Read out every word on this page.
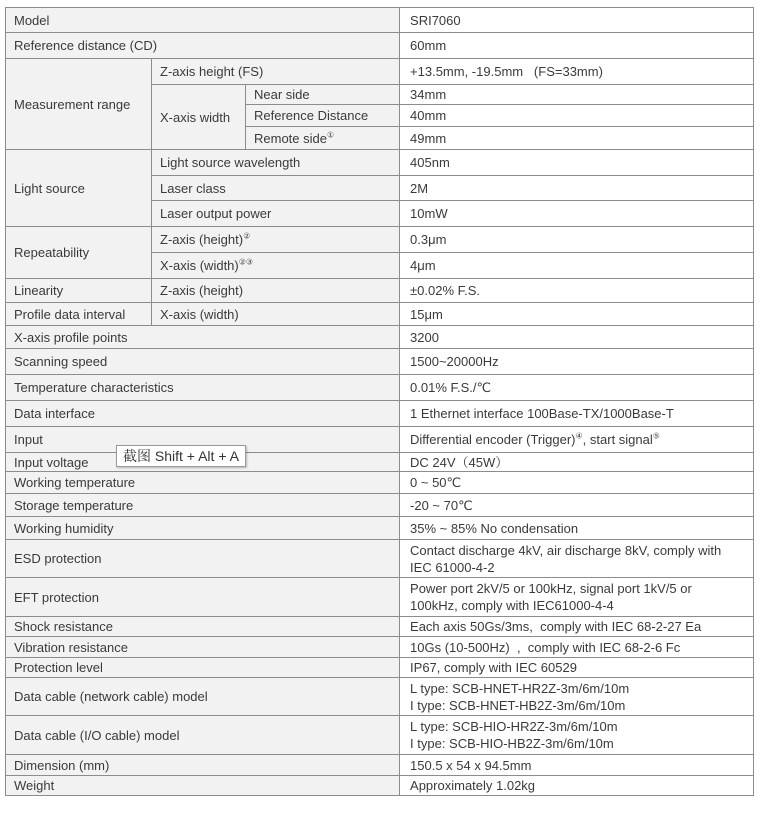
Model			SRI7060
Reference distance (CD)			60mm
Measurement range	Z-axis height (FS)		+13.5mm, -19.5mm   (FS=33mm)
	X-axis width	Near side	34mm
		Reference Distance	40mm
		Remote side①	49mm
Light source	Light source wavelength		405nm
	Laser class		2M
	Laser output power		10mW
Repeatability	Z-axis (height)②		0.3μm
	X-axis (width)②③		4μm
Linearity	Z-axis (height)		±0.02% F.S.
Profile data interval	X-axis (width)		15μm
X-axis profile points			3200
Scanning speed			1500~20000Hz
Temperature characteristics			0.01% F.S./℃
Data interface			1 Ethernet interface 100Base-TX/1000Base-T
Input			Differential encoder (Trigger)④, start signal⑤
Input voltage			DC 24V（45W）
Working temperature			0 ~ 50℃
Storage temperature			-20 ~ 70℃
Working humidity			35% ~ 85% No condensation
ESD protection			Contact discharge 4kV, air discharge 8kV, comply with
IEC 61000-4-2

EFT protection			Power port 2kV/5 or 100kHz, signal port 1kV/5 or
100kHz, comply with IEC61000-4-4

Shock resistance			Each axis 50Gs/3ms,  comply with IEC 68-2-27 Ea
Vibration resistance			10Gs (10-500Hz)  ,  comply with IEC 68-2-6 Fc
Protection level			IP67, comply with IEC 60529
Data cable (network cable) model			L type: SCB-HNET-HR2Z-3m/6m/10m
I type: SCB-HNET-HB2Z-3m/6m/10m

Data cable (I/O cable) model			L type: SCB-HIO-HR2Z-3m/6m/10m
I type: SCB-HIO-HB2Z-3m/6m/10m

Dimension (mm)			150.5 x 54 x 94.5mm
Weight			Approximately 1.02kg
截图 Shift + Alt + A
